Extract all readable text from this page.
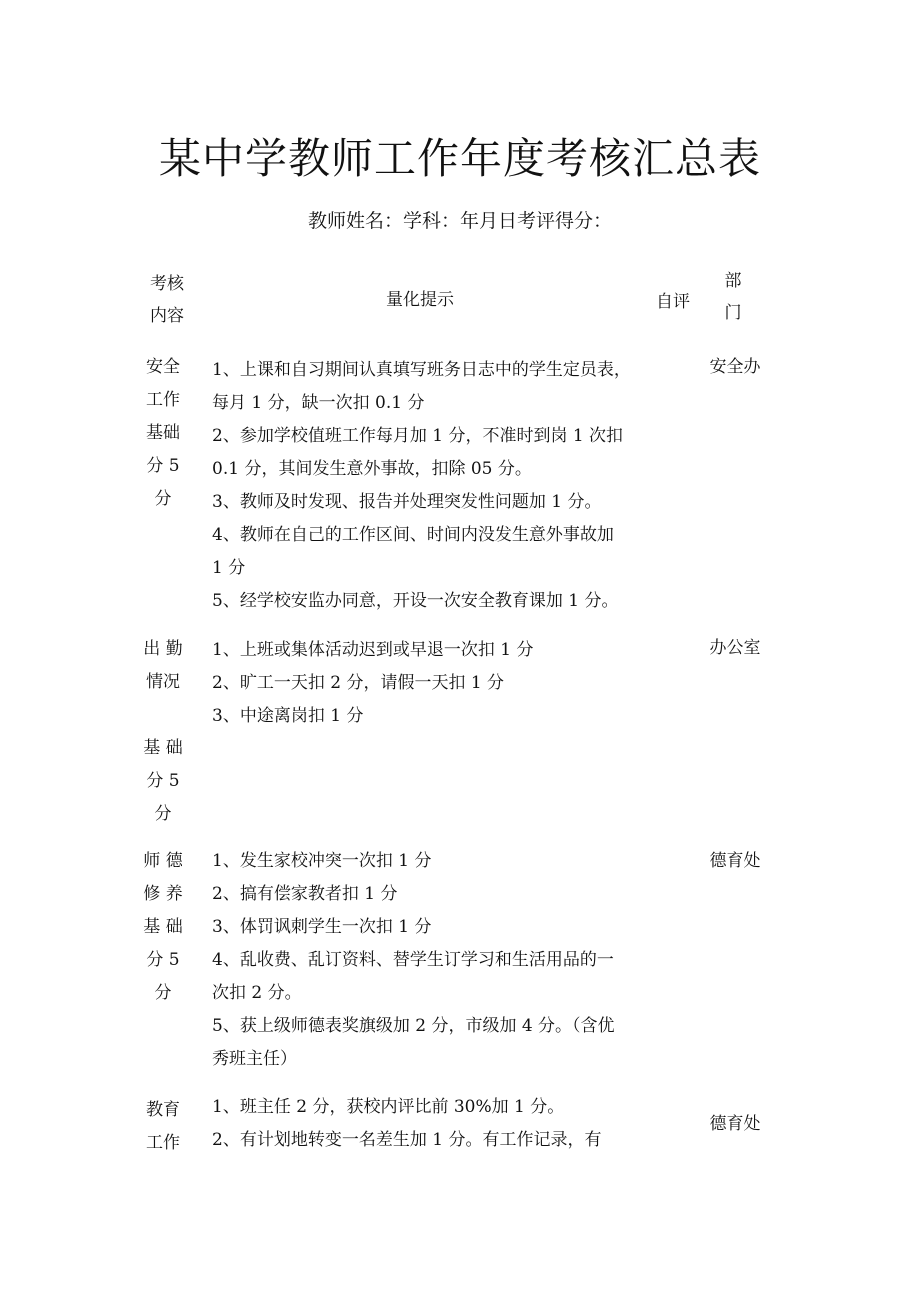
某中学教师工作年度考核汇总表
教师姓名：学科：年月日考评得分：
考核
内容
量化提示	自评
部
门
安全
工作
基础
分 5
分
1、上课和自习期间认真填写班务日志中的学生定员表，
每月 1 分，缺一次扣 0.1 分
2、参加学校值班工作每月加 1 分，不准时到岗 1 次扣
0.1 分，其间发生意外事故，扣除 05 分。
3、教师及时发现、报告并处理突发性问题加 1 分。
4、教师在自己的工作区间、时间内没发生意外事故加
1 分
5、经学校安监办同意，开设一次安全教育课加 1 分。
安全办
出 勤
情况

基 础
分 5
分
1、上班或集体活动迟到或早退一次扣 1 分
2、旷工一天扣 2 分，请假一天扣 1 分
3、中途离岗扣 1 分
办公室
师 德
修 养
基 础
分 5
分
1、发生家校冲突一次扣 1 分
2、搞有偿家教者扣 1 分
3、体罚讽刺学生一次扣 1 分
4、乱收费、乱订资料、替学生订学习和生活用品的一
次扣 2 分。
5、获上级师德表奖旗级加 2 分，市级加 4 分。（含优
秀班主任）
德育处
教育
工作
1、班主任 2 分，获校内评比前 30%加 1 分。
2、有计划地转变一名差生加 1 分。有工作记录，有
德育处
